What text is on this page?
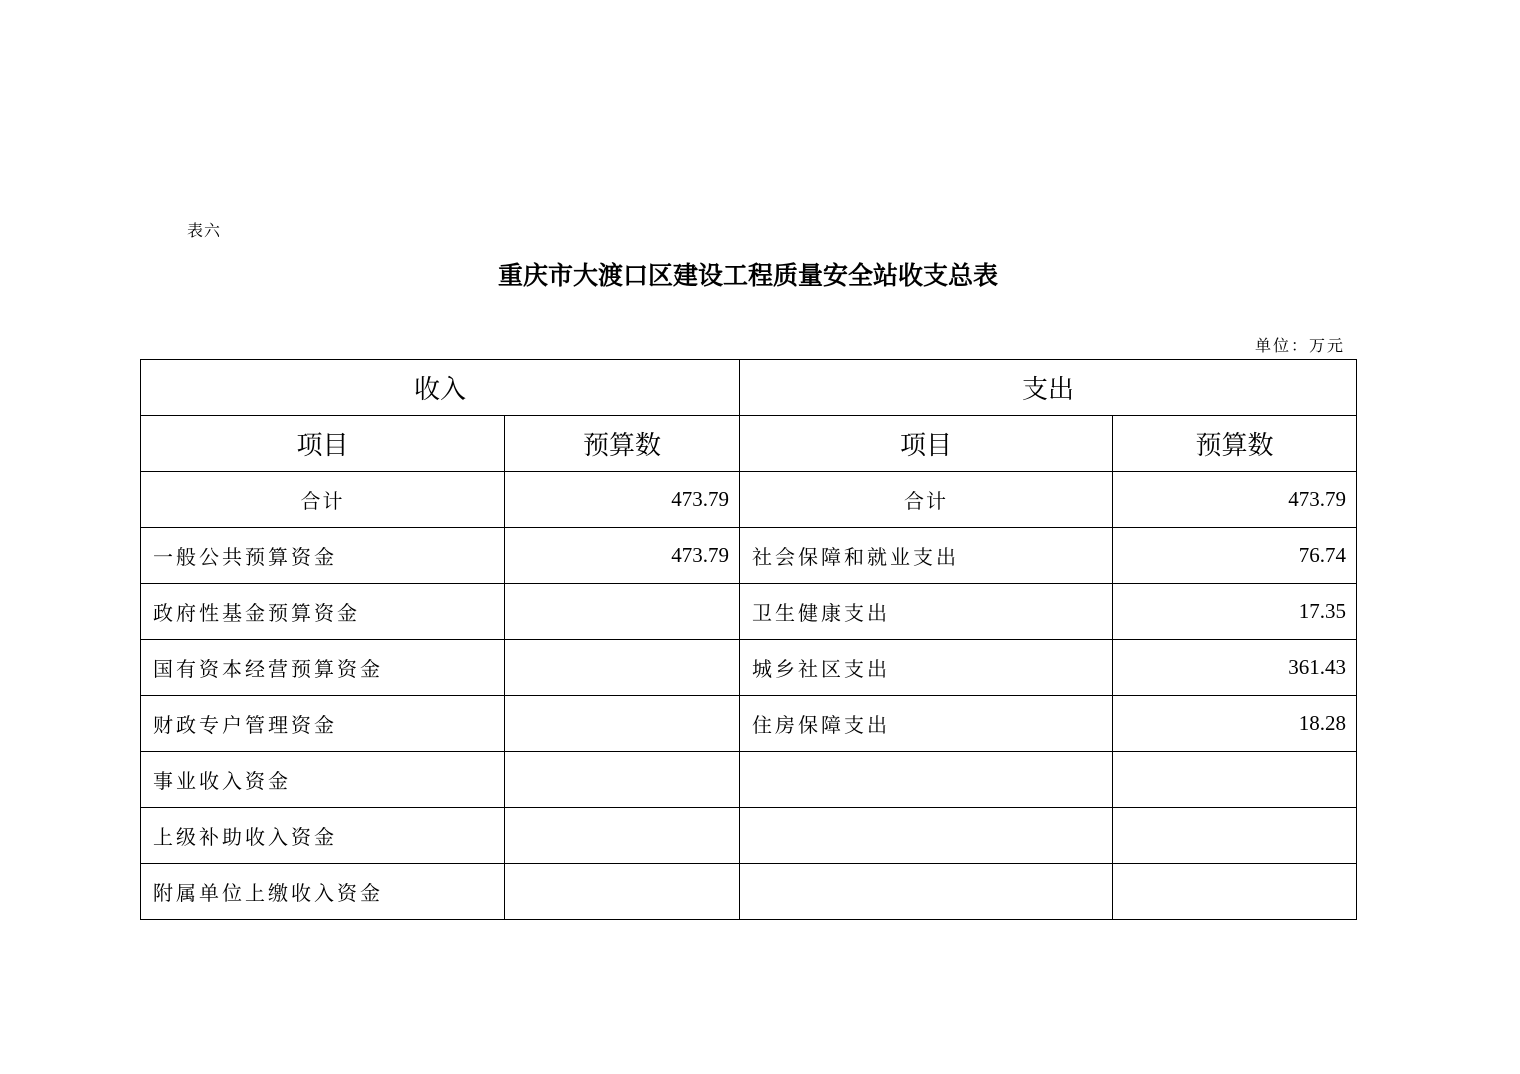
表六
重庆市大渡口区建设工程质量安全站收支总表
单位：万元
收入		支出	
项目	预算数	项目	预算数
合计	473.79	合计	473.79
一般公共预算资金	473.79	社会保障和就业支出	76.74
政府性基金预算资金		卫生健康支出	17.35
国有资本经营预算资金		城乡社区支出	361.43
财政专户管理资金		住房保障支出	18.28
事业收入资金			
上级补助收入资金			
附属单位上缴收入资金			
